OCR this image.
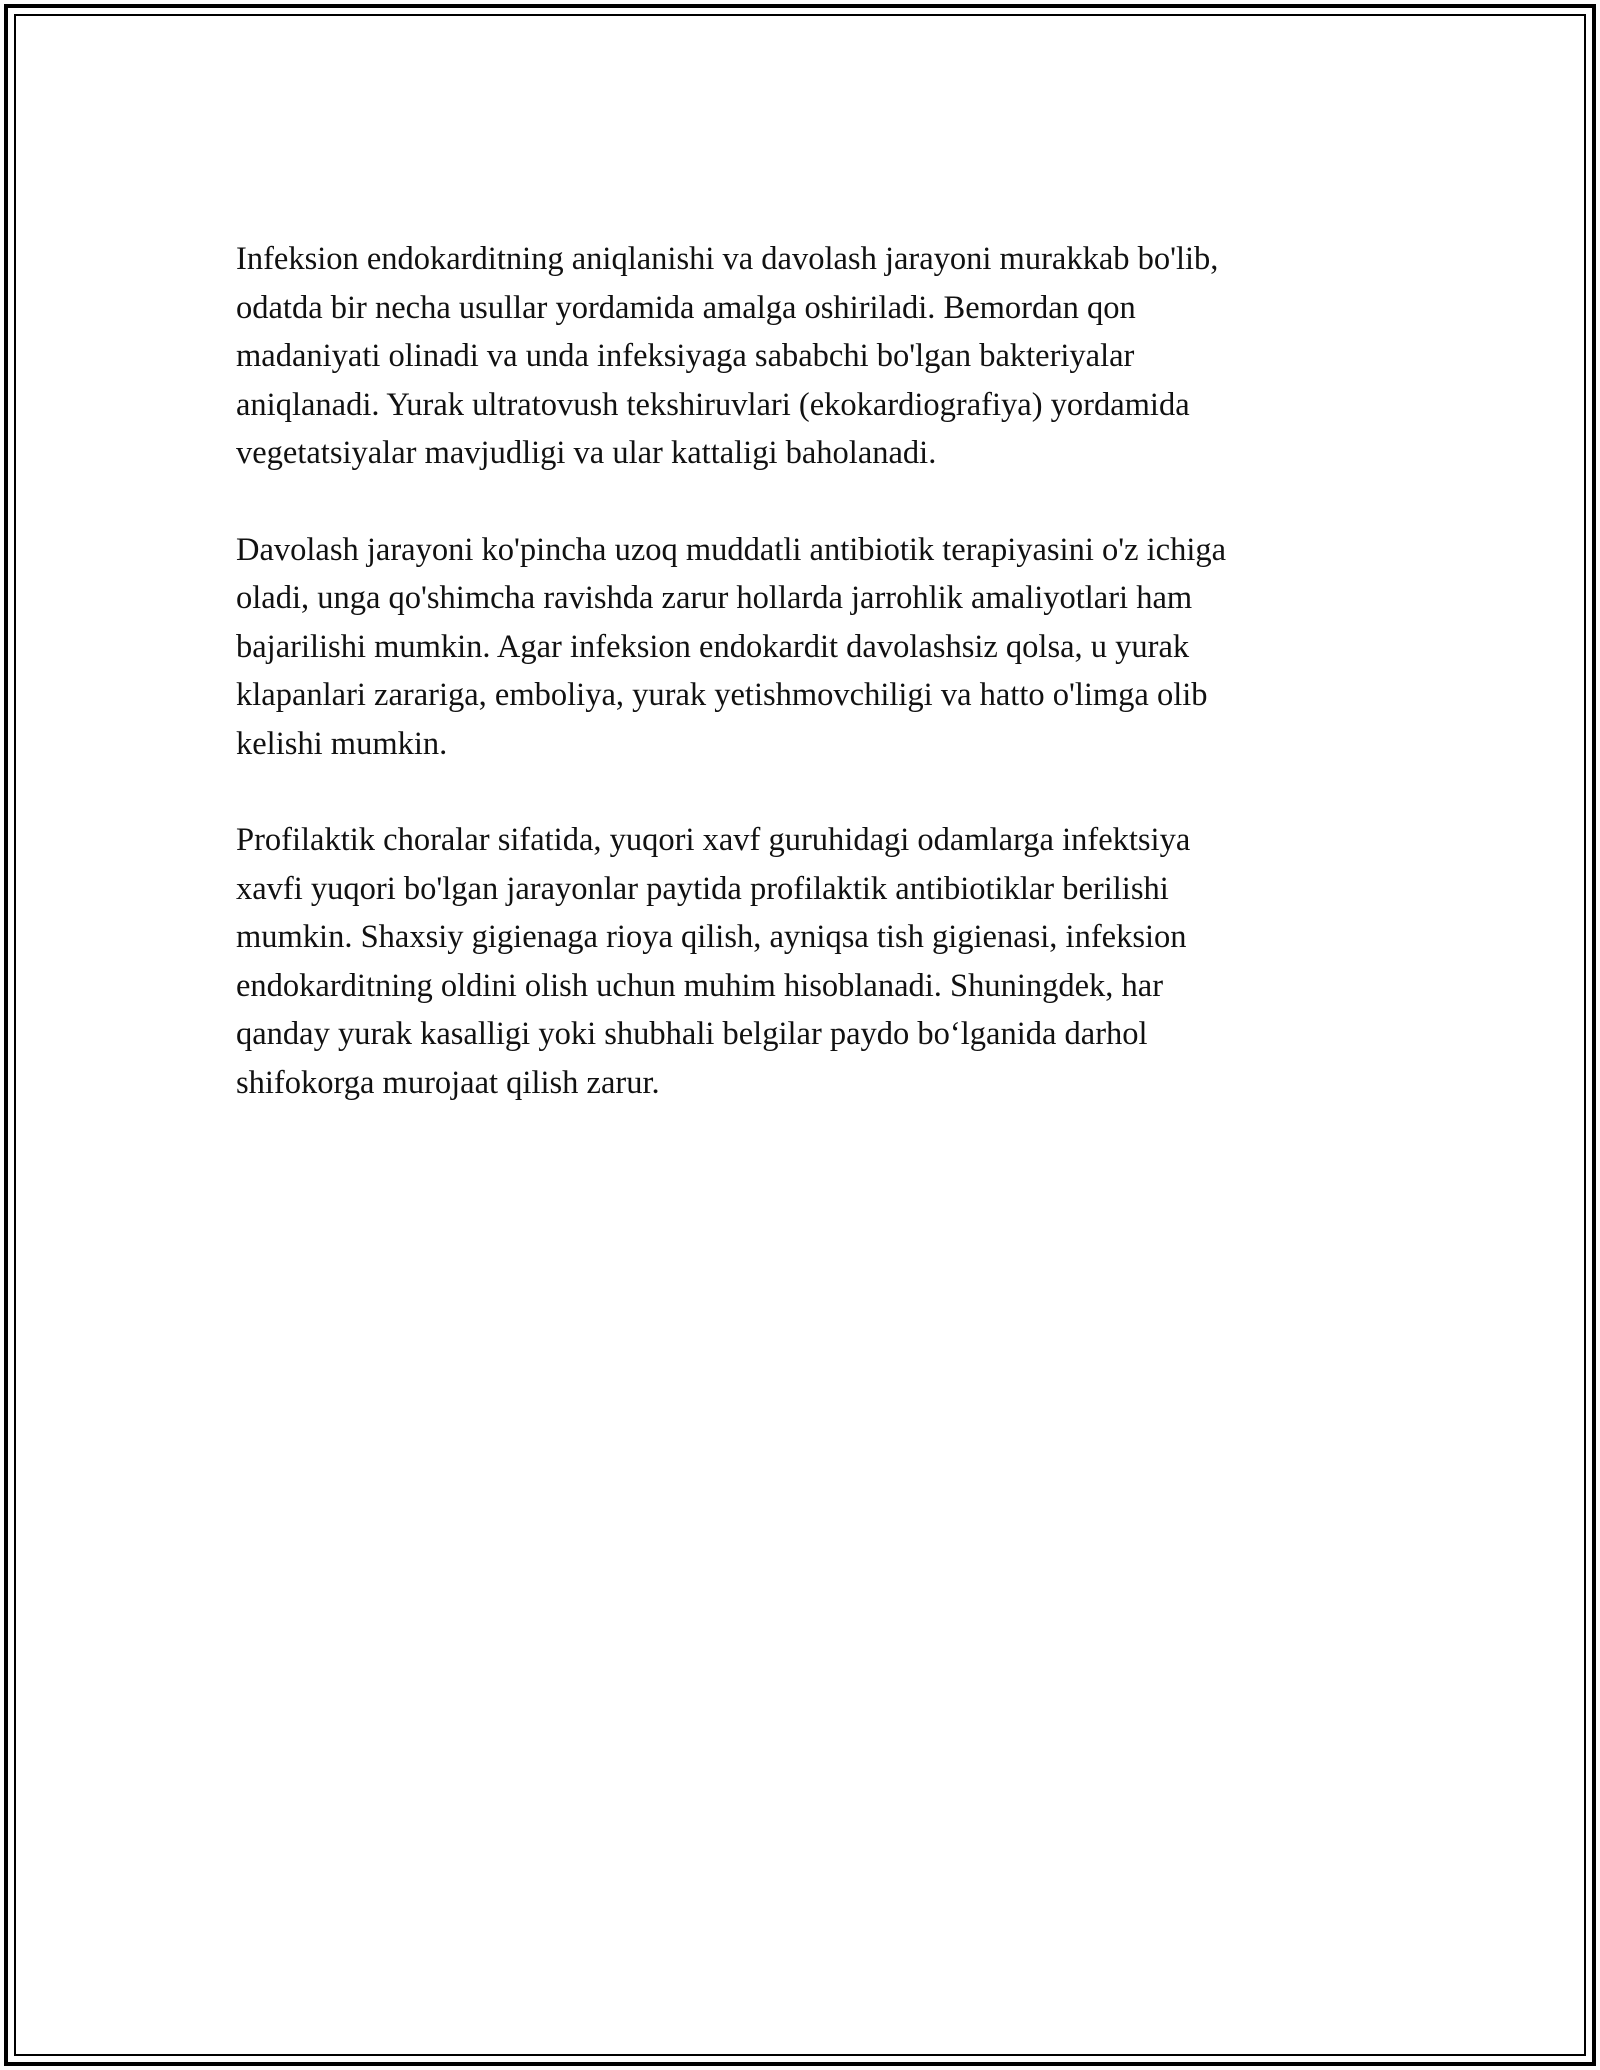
Infeksion endokarditning aniqlanishi va davolash jarayoni murakkab bo'lib,
odatda bir necha usullar yordamida amalga oshiriladi. Bemordan qon
madaniyati olinadi va unda infeksiyaga sababchi bo'lgan bakteriyalar
aniqlanadi. Yurak ultratovush tekshiruvlari (ekokardiografiya) yordamida
vegetatsiyalar mavjudligi va ular kattaligi baholanadi.

Davolash jarayoni ko'pincha uzoq muddatli antibiotik terapiyasini o'z ichiga
oladi, unga qo'shimcha ravishda zarur hollarda jarrohlik amaliyotlari ham
bajarilishi mumkin. Agar infeksion endokardit davolashsiz qolsa, u yurak
klapanlari zarariga, emboliya, yurak yetishmovchiligi va hatto o'limga olib
kelishi mumkin.

Profilaktik choralar sifatida, yuqori xavf guruhidagi odamlarga infektsiya
xavfi yuqori bo'lgan jarayonlar paytida profilaktik antibiotiklar berilishi
mumkin. Shaxsiy gigienaga rioya qilish, ayniqsa tish gigienasi, infeksion
endokarditning oldini olish uchun muhim hisoblanadi. Shuningdek, har
qanday yurak kasalligi yoki shubhali belgilar paydo bo‘lganida darhol
shifokorga murojaat qilish zarur.
